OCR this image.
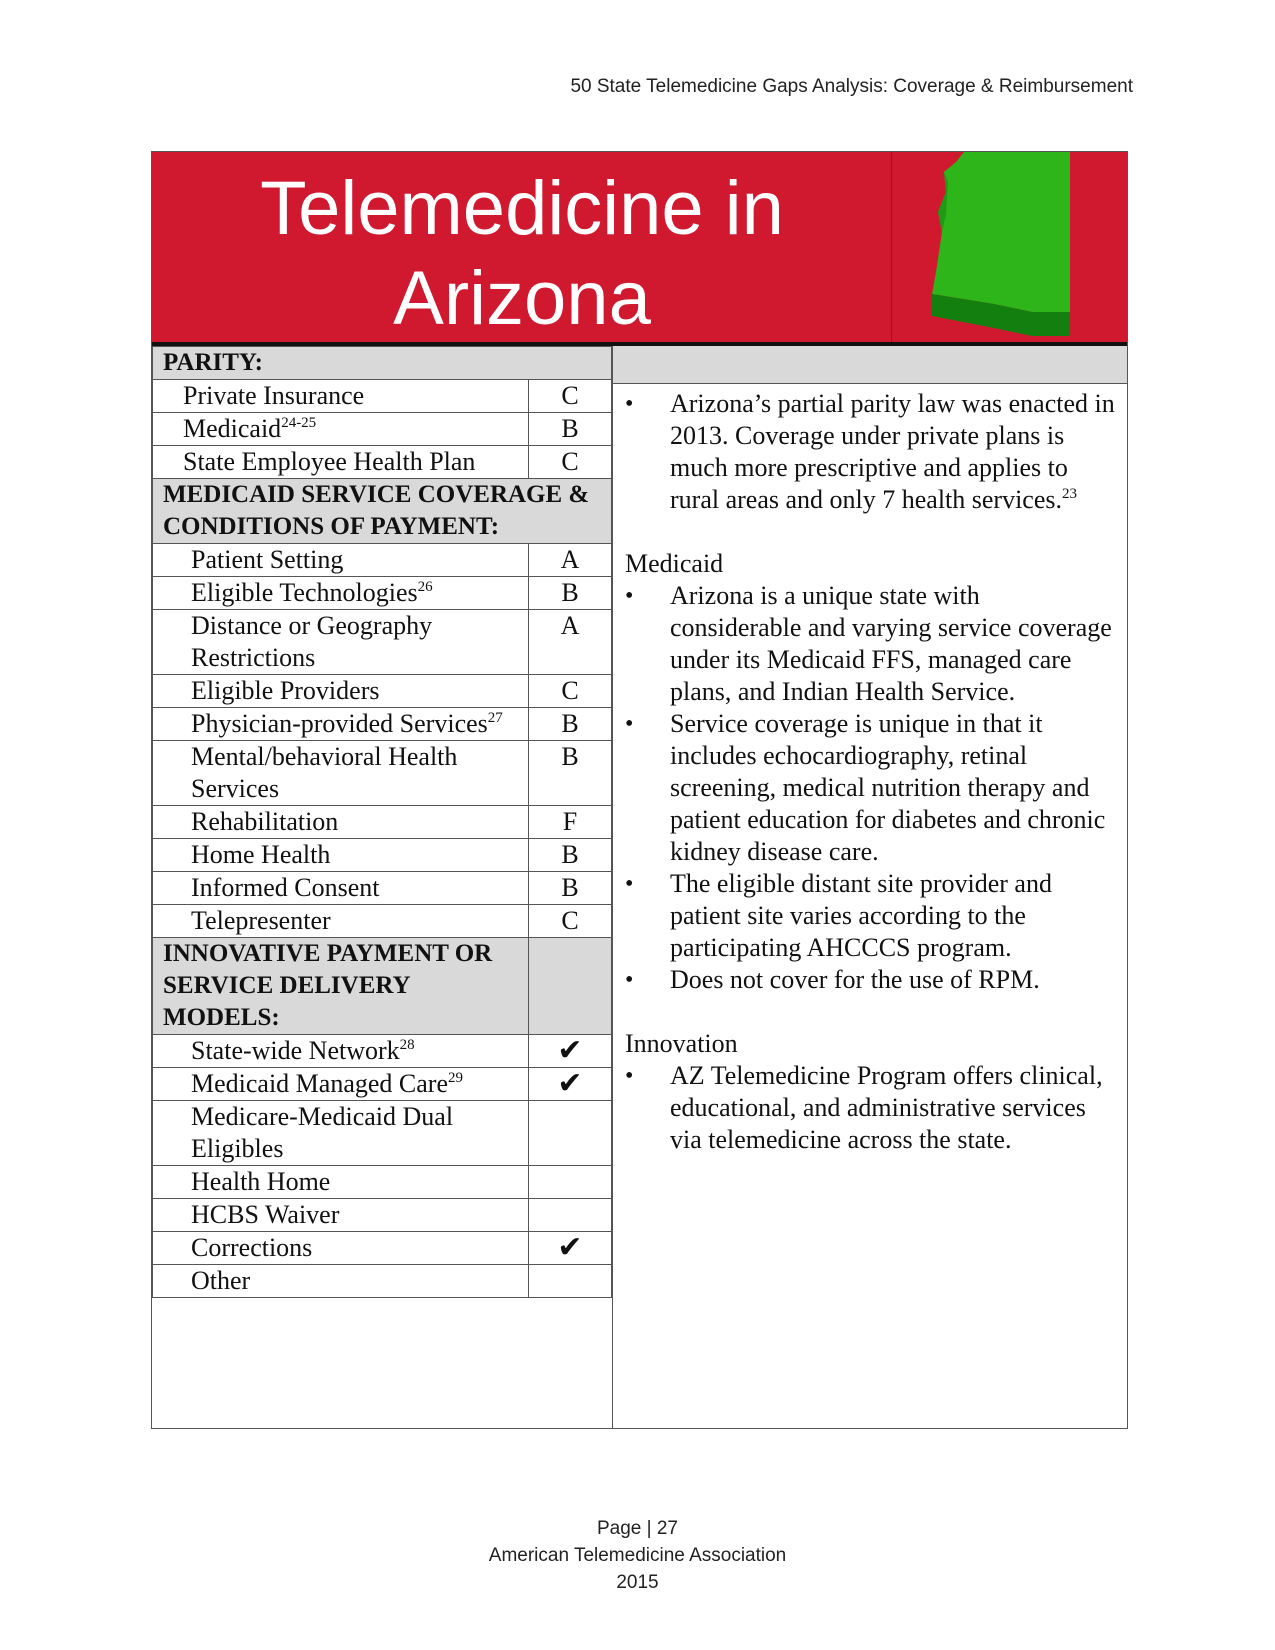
50 State Telemedicine Gaps Analysis: Coverage & Reimbursement
Telemedicine in
Arizona
PARITY:	
Private Insurance	C
Medicaid$^{24-25}$	B
State Employee Health Plan	C
MEDICAID SERVICE COVERAGE & CONDITIONS OF PAYMENT:	
Patient Setting	A
Eligible Technologies$^{26}$	B
Distance or Geography Restrictions	A
Eligible Providers	C
Physician-provided Services$^{27}$	B
Mental/behavioral Health Services	B
Rehabilitation	F
Home Health	B
Informed Consent	B
Telepresenter	C
INNOVATIVE PAYMENT OR SERVICE DELIVERY MODELS:	
State-wide Network$^{28}$	✔
Medicaid Managed Care$^{29}$	✔
Medicare-Medicaid Dual Eligibles	
Health Home	
HCBS Waiver	
Corrections	✔
Other	
• Arizona’s partial parity law was enacted in 2013. Coverage under private plans is much more prescriptive and applies to rural areas and only 7 health services.$^{23}$
Medicaid
• Arizona is a unique state with considerable and varying service coverage under its Medicaid FFS, managed care plans, and Indian Health Service.
• Service coverage is unique in that it includes echocardiography, retinal screening, medical nutrition therapy and patient education for diabetes and chronic kidney disease care.
• The eligible distant site provider and patient site varies according to the participating AHCCCS program.
• Does not cover for the use of RPM.
Innovation
• AZ Telemedicine Program offers clinical, educational, and administrative services via telemedicine across the state.
Page | 27
American Telemedicine Association
2015
